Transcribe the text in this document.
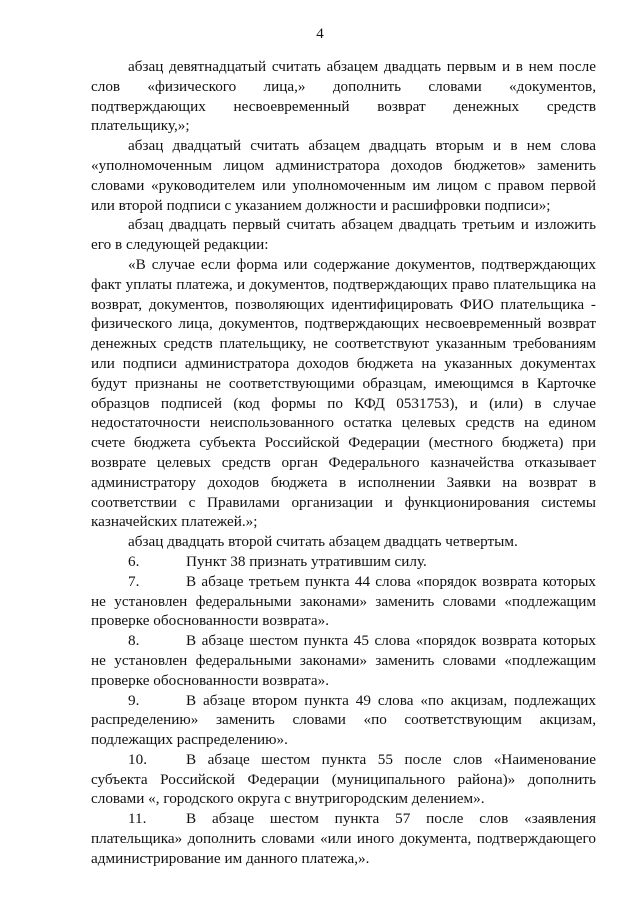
4

абзац девятнадцатый считать абзацем двадцать первым и в нем после слов «физического лица,» дополнить словами «документов, подтверждающих несвоевременный возврат денежных средств плательщику,»;

абзац двадцатый считать абзацем двадцать вторым и в нем слова «уполномоченным лицом администратора доходов бюджетов» заменить словами «руководителем или уполномоченным им лицом с правом первой или второй подписи с указанием должности и расшифровки подписи»;

абзац двадцать первый считать абзацем двадцать третьим и изложить его в следующей редакции:

«В случае если форма или содержание документов, подтверждающих факт уплаты платежа, и документов, подтверждающих право плательщика на возврат, документов, позволяющих идентифицировать ФИО плательщика - физического лица, документов, подтверждающих несвоевременный возврат денежных средств плательщику, не соответствуют указанным требованиям или подписи администратора доходов бюджета на указанных документах будут признаны не соответствующими образцам, имеющимся в Карточке образцов подписей (код формы по КФД 0531753), и (или) в случае недостаточности неиспользованного остатка целевых средств на едином счете бюджета субъекта Российской Федерации (местного бюджета) при возврате целевых средств орган Федерального казначейства отказывает администратору доходов бюджета в исполнении Заявки на возврат в соответствии с Правилами организации и функционирования системы казначейских платежей.»;

абзац двадцать второй считать абзацем двадцать четвертым.

6.	Пункт 38 признать утратившим силу.

7.	В абзаце третьем пункта 44 слова «порядок возврата которых не установлен федеральными законами» заменить словами «подлежащим проверке обоснованности возврата».

8.	В абзаце шестом пункта 45 слова «порядок возврата которых не установлен федеральными законами» заменить словами «подлежащим проверке обоснованности возврата».

9.	В абзаце втором пункта 49 слова «по акцизам, подлежащих распределению» заменить словами «по соответствующим акцизам, подлежащих распределению».

10.	В абзаце шестом пункта 55 после слов «Наименование субъекта Российской Федерации (муниципального района)» дополнить словами «, городского округа с внутригородским делением».

11.	В абзаце шестом пункта 57 после слов «заявления плательщика» дополнить словами «или иного документа, подтверждающего администрирование им данного платежа,».
